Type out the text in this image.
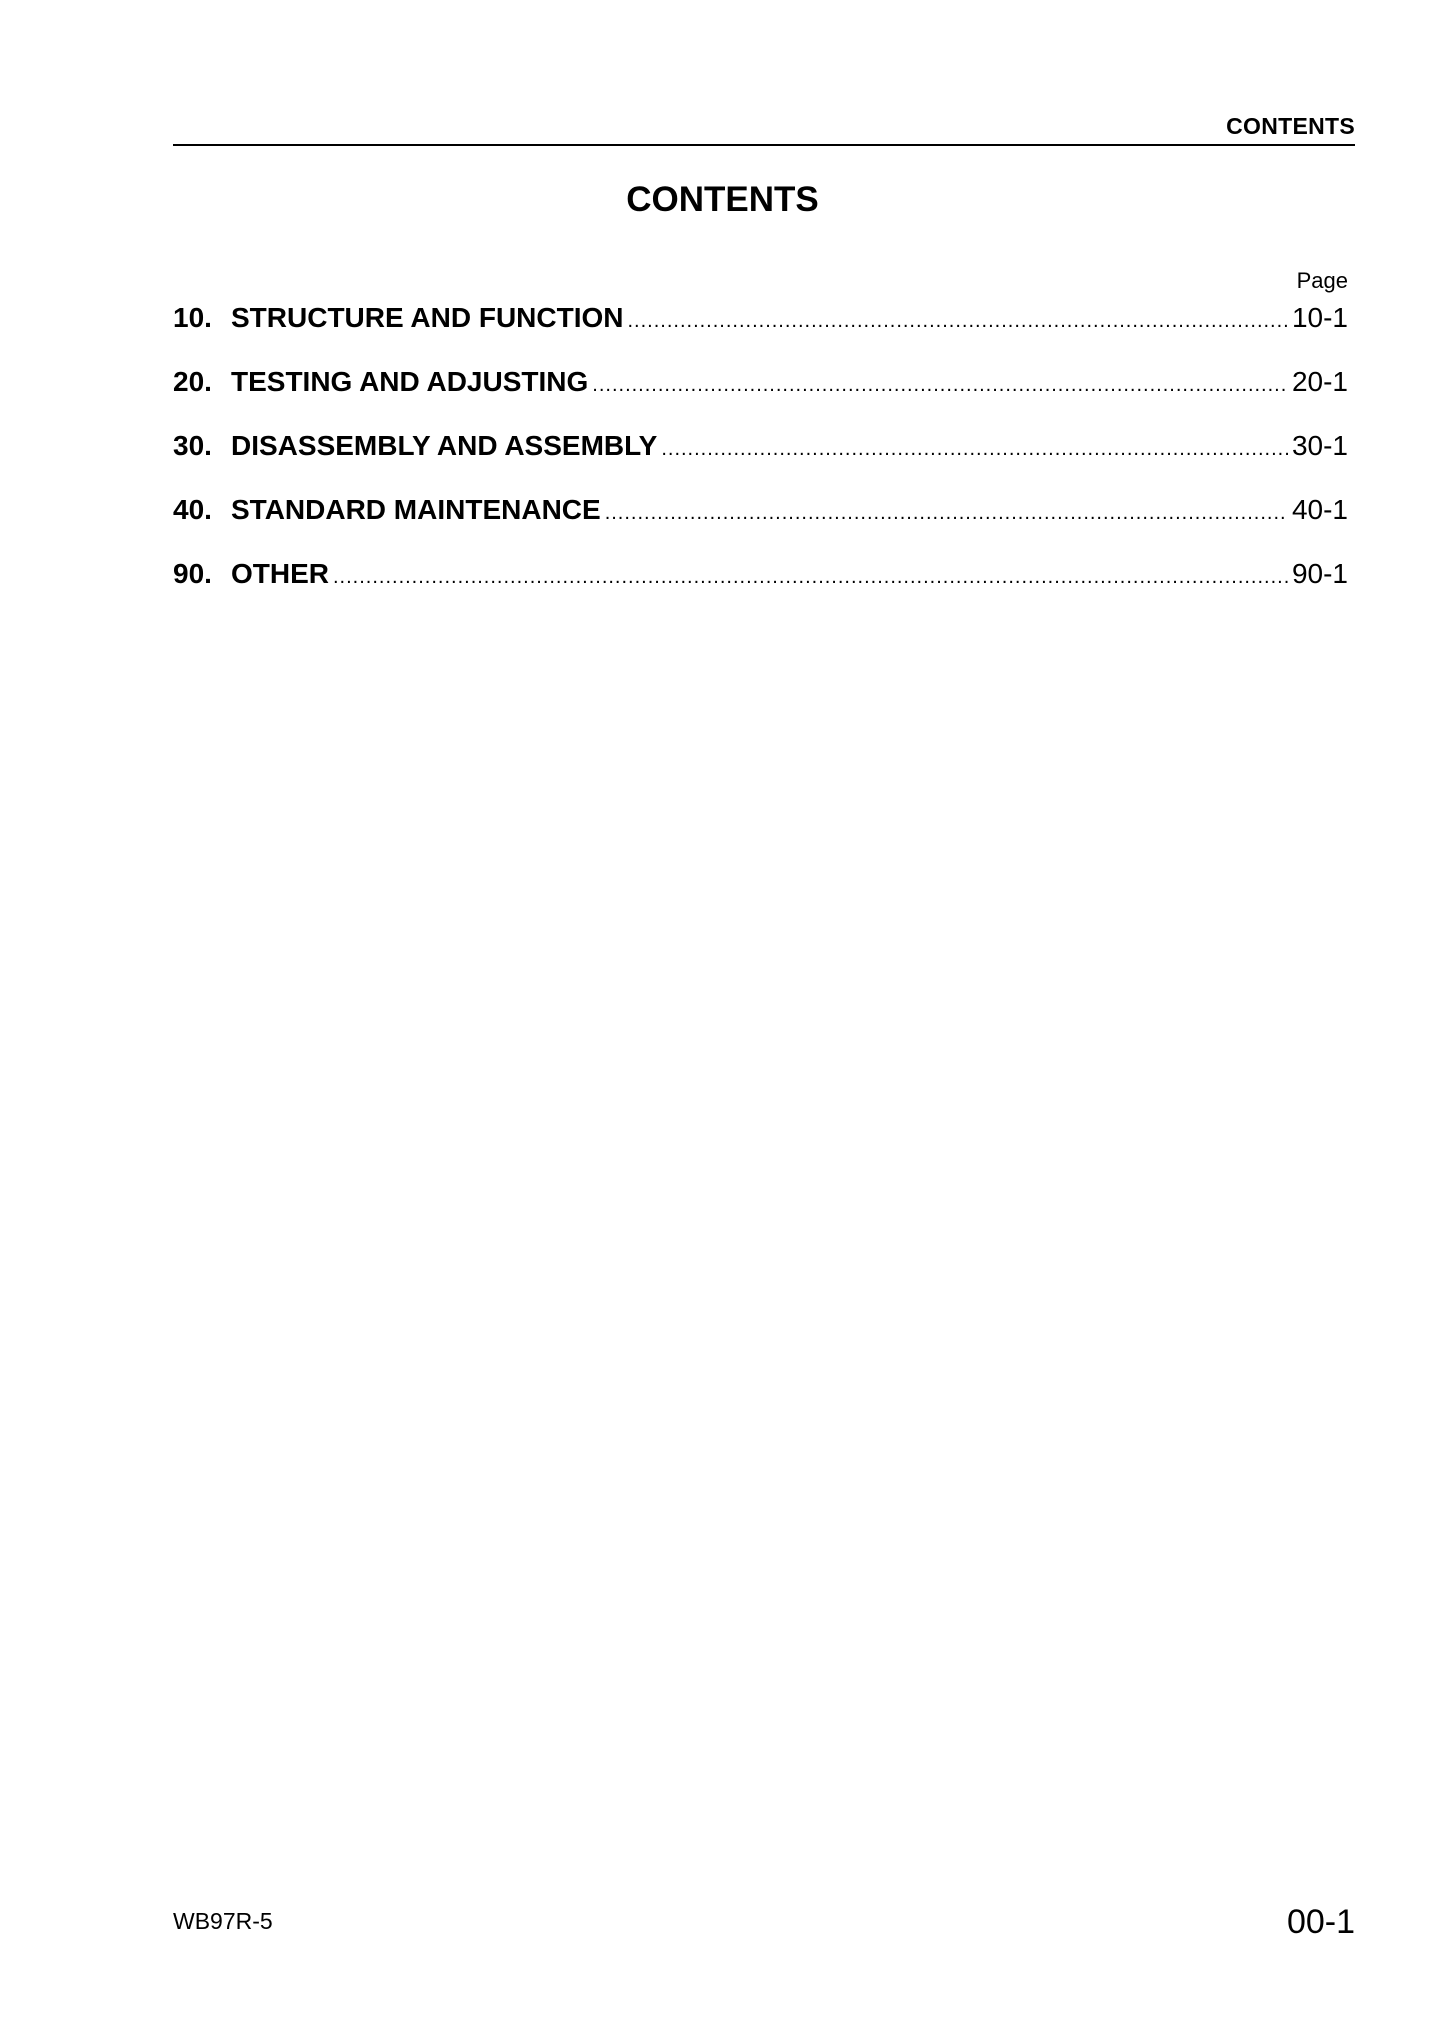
CONTENTS
CONTENTS
Page
10. STRUCTURE AND FUNCTION .....	10-1
20. TESTING AND ADJUSTING .....	20-1
30. DISASSEMBLY AND ASSEMBLY .....	30-1
40. STANDARD MAINTENANCE .....	40-1
90. OTHER .....	90-1
WB97R-5	00-1
